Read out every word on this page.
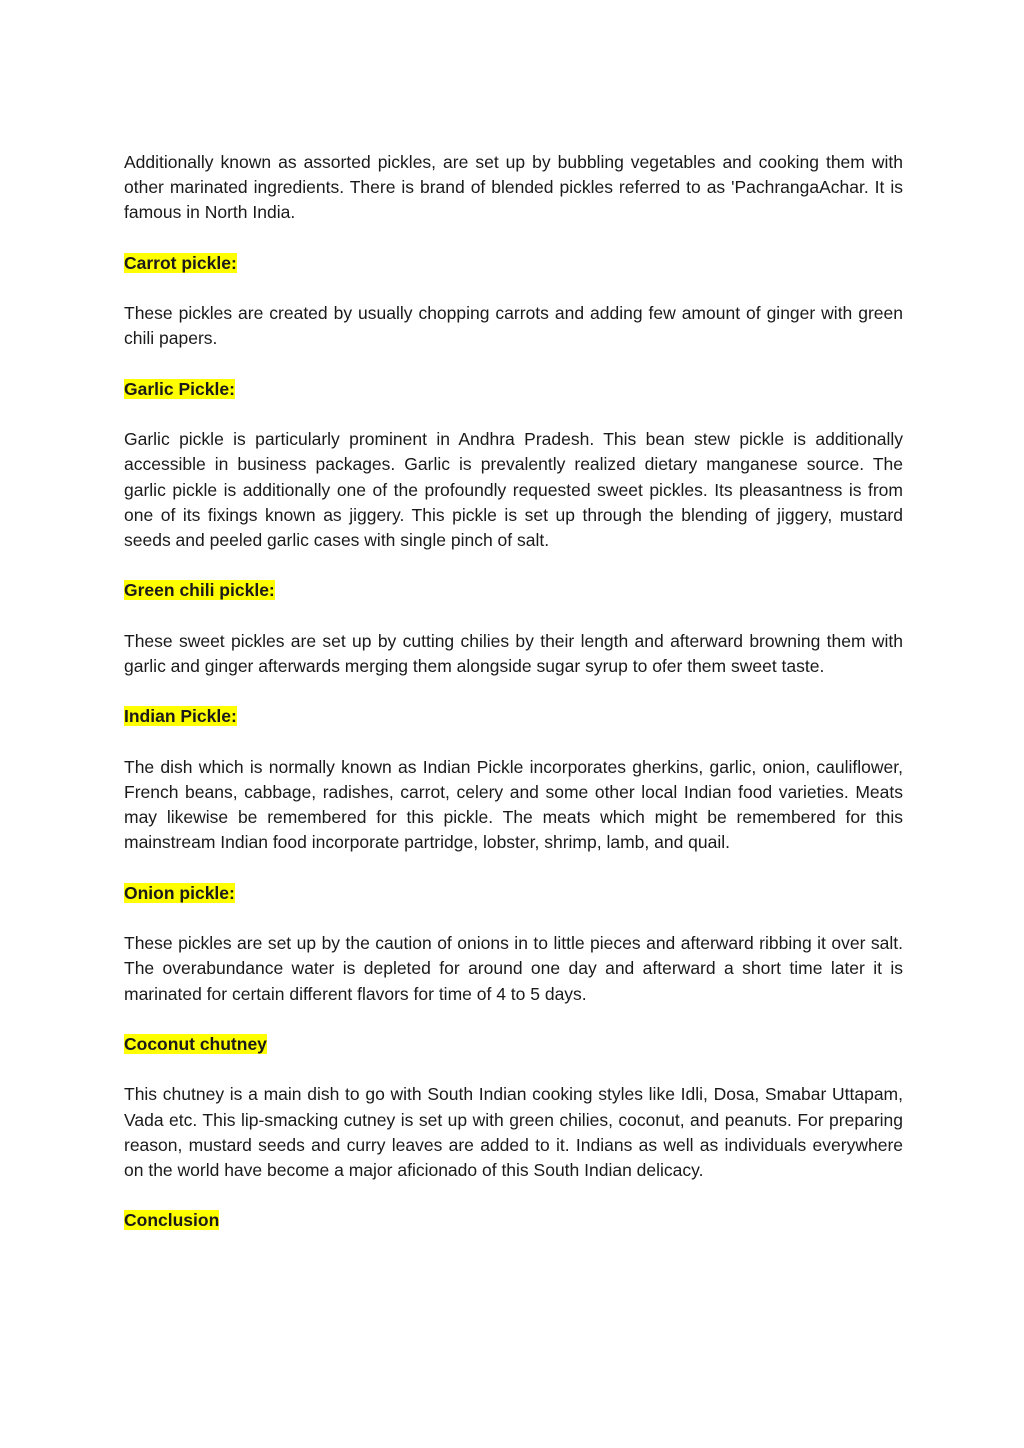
Additionally known as assorted pickles, are set up by bubbling vegetables and cooking them with other marinated ingredients. There is brand of blended pickles referred to as 'PachrangaAchar. It is famous in North India.

Carrot pickle:

These pickles are created by usually chopping carrots and adding few amount of ginger with green chili papers.

Garlic Pickle:

Garlic pickle is particularly prominent in Andhra Pradesh. This bean stew pickle is additionally accessible in business packages. Garlic is prevalently realized dietary manganese source. The garlic pickle is additionally one of the profoundly requested sweet pickles. Its pleasantness is from one of its fixings known as jiggery. This pickle is set up through the blending of jiggery, mustard seeds and peeled garlic cases with single pinch of salt.

Green chili pickle:

These sweet pickles are set up by cutting chilies by their length and afterward browning them with garlic and ginger afterwards merging them alongside sugar syrup to ofer them sweet taste.

Indian Pickle:

The dish which is normally known as Indian Pickle incorporates gherkins, garlic, onion, cauliflower, French beans, cabbage, radishes, carrot, celery and some other local Indian food varieties. Meats may likewise be remembered for this pickle. The meats which might be remembered for this mainstream Indian food incorporate partridge, lobster, shrimp, lamb, and quail.

Onion pickle:

These pickles are set up by the caution of onions in to little pieces and afterward ribbing it over salt. The overabundance water is depleted for around one day and afterward a short time later it is marinated for certain different flavors for time of 4 to 5 days.

Coconut chutney

This chutney is a main dish to go with South Indian cooking styles like Idli, Dosa, Smabar Uttapam, Vada etc. This lip-smacking cutney is set up with green chilies, coconut, and peanuts. For preparing reason, mustard seeds and curry leaves are added to it. Indians as well as individuals everywhere on the world have become a major aficionado of this South Indian delicacy.

Conclusion
